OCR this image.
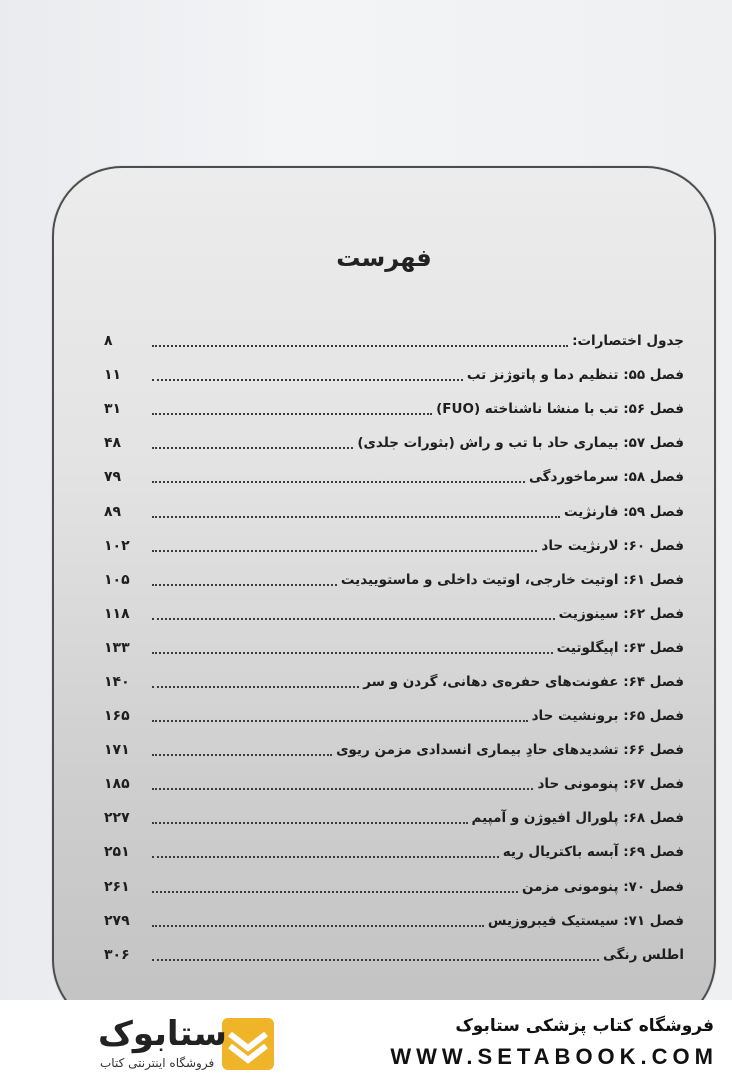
فهرست
جدول اختصارات:
۸
فصل ۵۵: تنظیم دما و پاتوژنز تب
۱۱
فصل ۵۶: تب با منشا ناشناخته (FUO)
۳۱
فصل ۵۷: بیماری حاد با تب و راش (بثورات جلدی)
۴۸
فصل ۵۸: سرماخوردگی
۷۹
فصل ۵۹: فارنژیت
۸۹
فصل ۶۰: لارنژیت حاد
۱۰۲
فصل ۶۱: اوتیت خارجی، اوتیت داخلی و ماستوییدیت
۱۰۵
فصل ۶۲: سینوزیت
۱۱۸
فصل ۶۳: اپیگلوتیت
۱۳۳
فصل ۶۴: عفونت‌های حفره‌ی دهانی، گردن و سر
۱۴۰
فصل ۶۵: برونشیت حاد
۱۶۵
فصل ۶۶: تشدیدهای حادِ بیماری انسدادی مزمن ریوی
۱۷۱
فصل ۶۷: پنومونی حاد
۱۸۵
فصل ۶۸: پلورال افیوژن و آمپیم
۲۲۷
فصل ۶۹: آبسه باکتریال ریه
۲۵۱
فصل ۷۰: پنومونی مزمن
۲۶۱
فصل ۷۱: سیستیک فیبروزیس
۲۷۹
اطلس رنگی
۳۰۶
ستابوک
فروشگاه اینترنتی کتاب
فروشگاه کتاب پزشکی ستابوک
WWW.SETABOOK.COM
